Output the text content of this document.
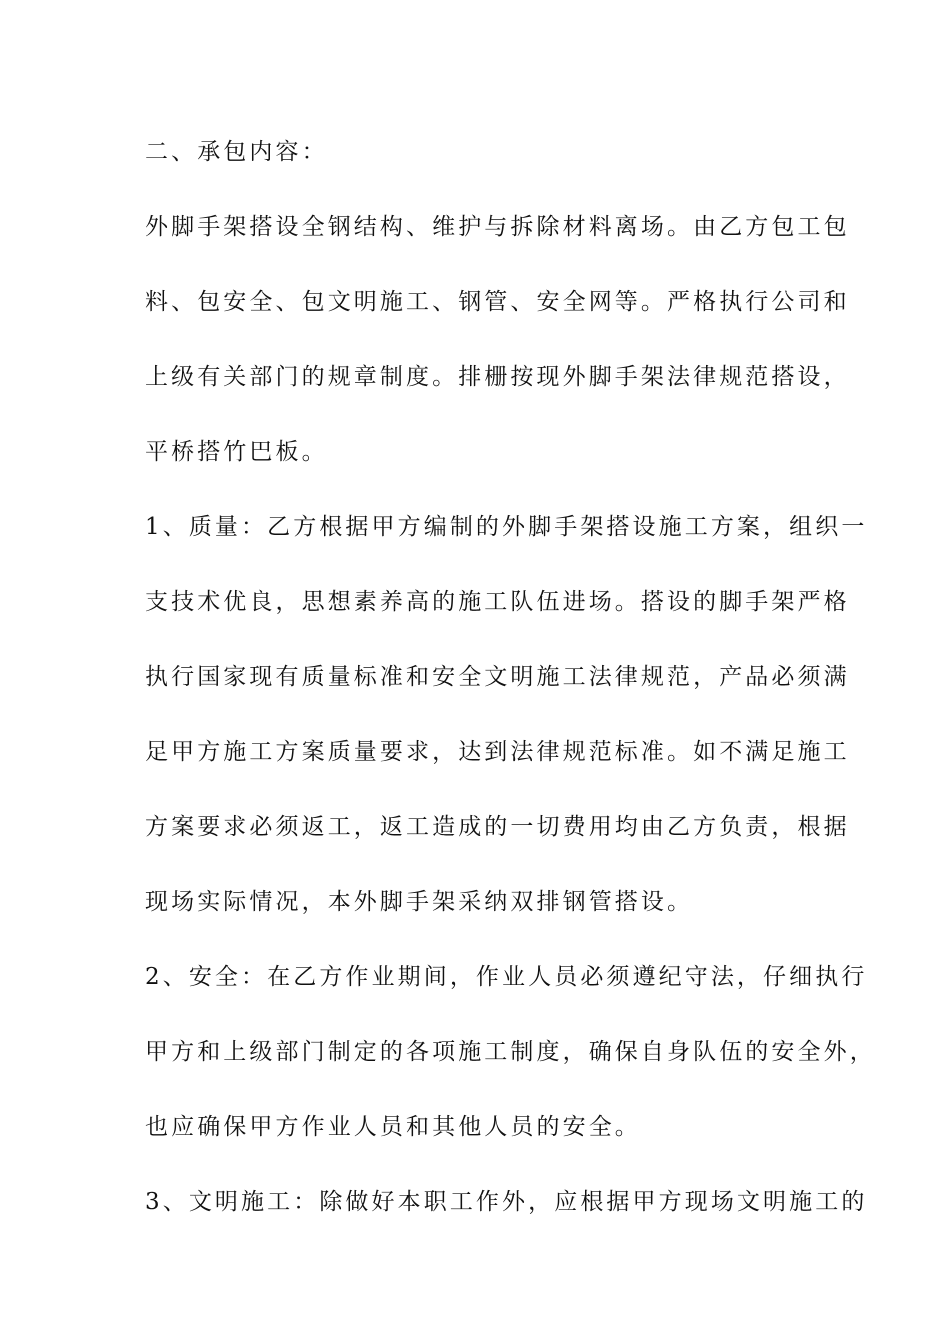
二、承包内容：
外脚手架搭设全钢结构、维护与拆除材料离场。由乙方包工包
料、包安全、包文明施工、钢管、安全网等。严格执行公司和
上级有关部门的规章制度。排栅按现外脚手架法律规范搭设，
平桥搭竹巴板。
1、质量：乙方根据甲方编制的外脚手架搭设施工方案，组织一
支技术优良，思想素养高的施工队伍进场。搭设的脚手架严格
执行国家现有质量标准和安全文明施工法律规范，产品必须满
足甲方施工方案质量要求，达到法律规范标准。如不满足施工
方案要求必须返工，返工造成的一切费用均由乙方负责，根据
现场实际情况，本外脚手架采纳双排钢管搭设。
2、安全：在乙方作业期间，作业人员必须遵纪守法，仔细执行
甲方和上级部门制定的各项施工制度，确保自身队伍的安全外，
也应确保甲方作业人员和其他人员的安全。
3、文明施工：除做好本职工作外，应根据甲方现场文明施工的
